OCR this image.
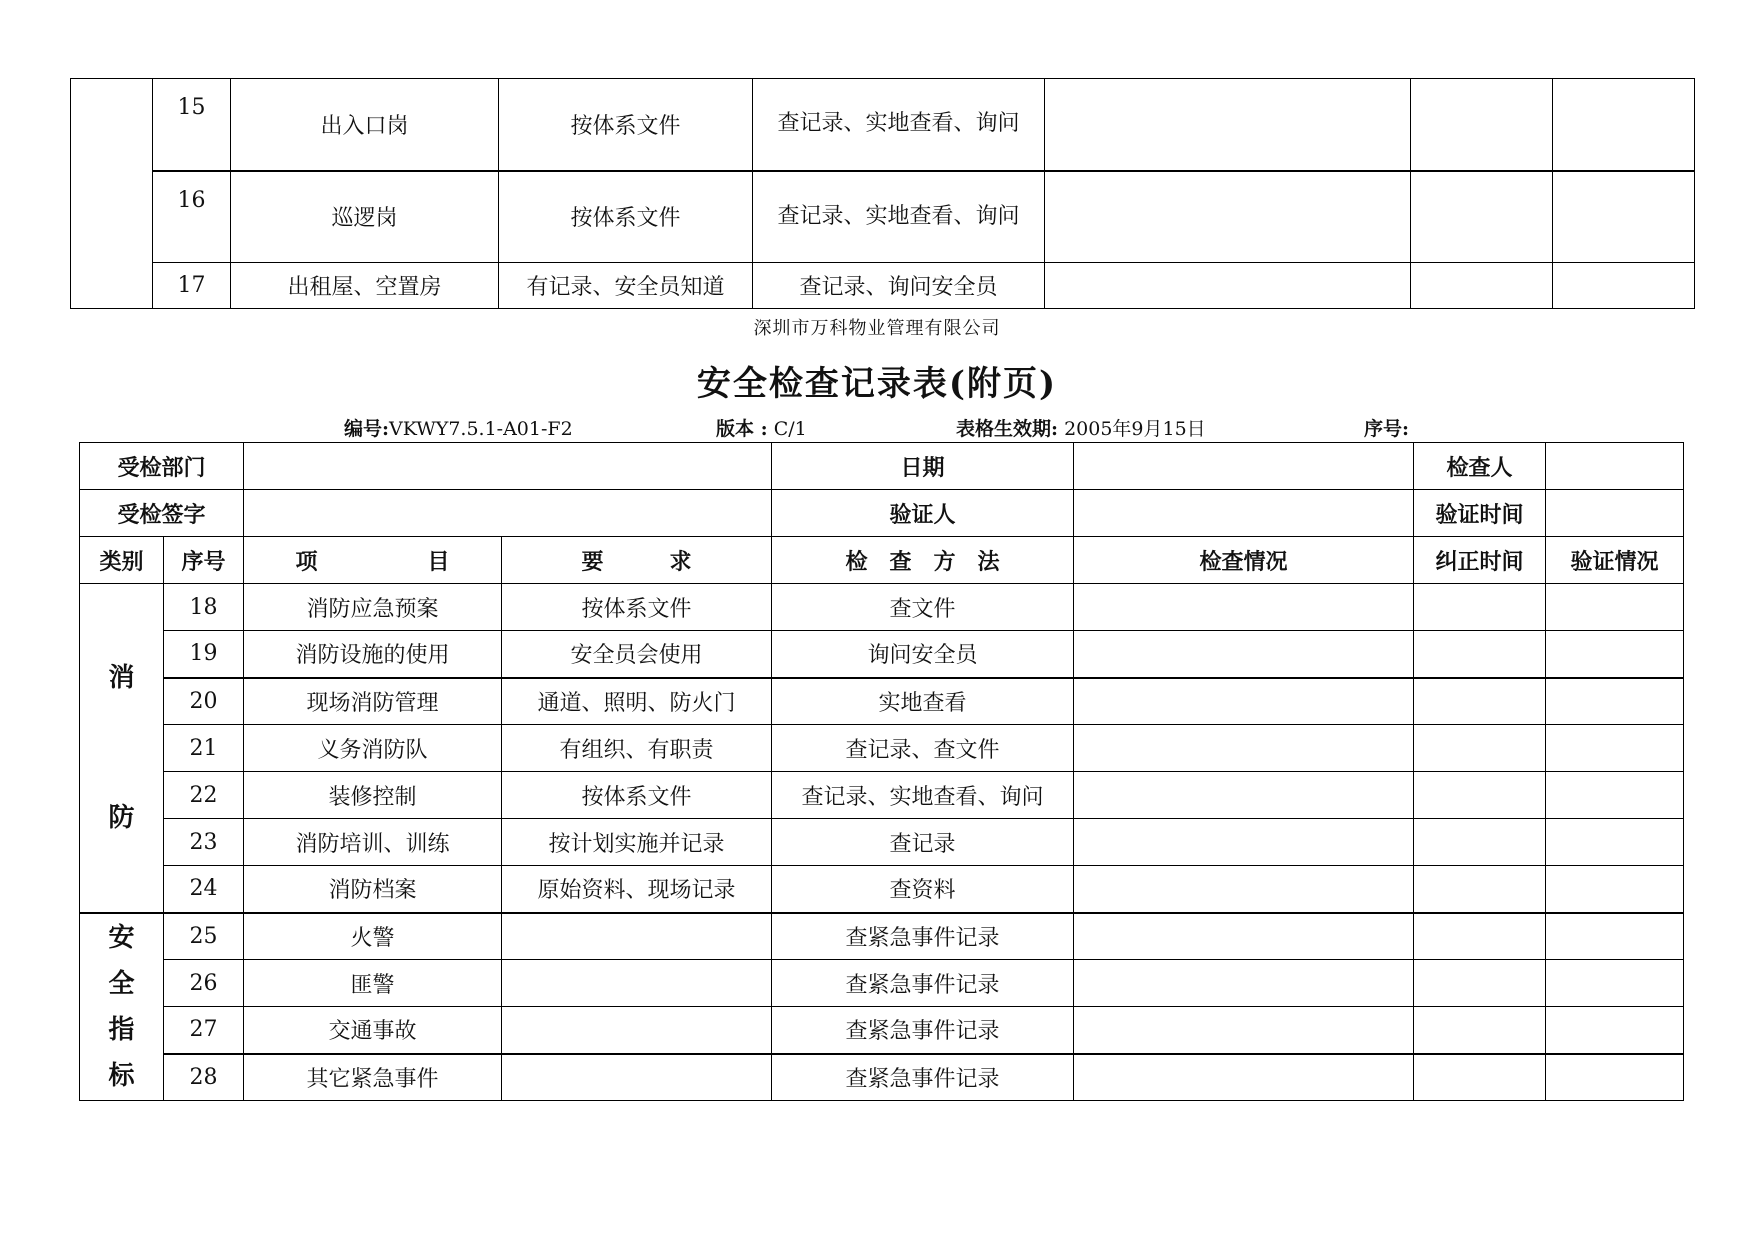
	15	出入口岗	按体系文件	查记录、实地查看、询问			
	16	巡逻岗	按体系文件	查记录、实地查看、询问			
	17	出租屋、空置房	有记录、安全员知道	查记录、询问安全员			
深圳市万科物业管理有限公司
安全检查记录表(附页)
编号:VKWY7.5.1-A01-F2	版本 : C/1	表格生效期: 2005年9月15日	序号:
受检部门				日期		检查人	
受检签字				验证人		验证时间	
类别	序号	项　　　　　目	要　　　求	检　查　方　法	检查情况	纠正时间	验证情况

消
防	18	消防应急预案	按体系文件	查文件			
	19	消防设施的使用	安全员会使用	询问安全员			
	20	现场消防管理	通道、照明、防火门	实地查看			
	21	义务消防队	有组织、有职责	查记录、查文件			
	22	装修控制	按体系文件	查记录、实地查看、询问			
	23	消防培训、训练	按计划实施并记录	查记录			
	24	消防档案	原始资料、现场记录	查资料			

安
全
指
标	25	火警		查紧急事件记录			
	26	匪警		查紧急事件记录			
	27	交通事故		查紧急事件记录			
	28	其它紧急事件		查紧急事件记录			
